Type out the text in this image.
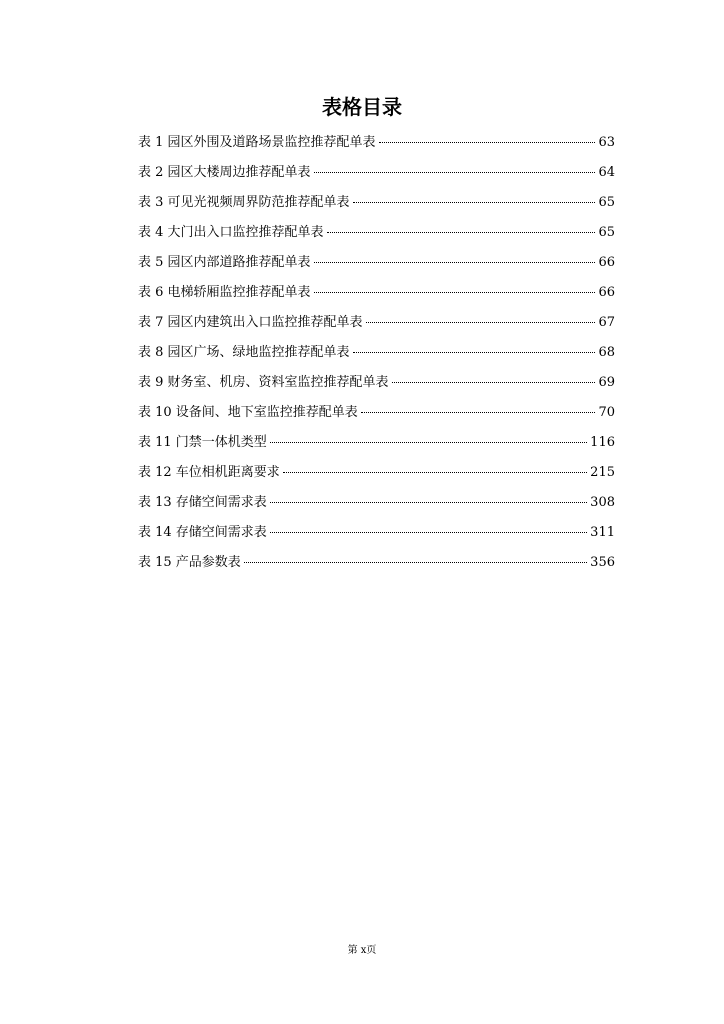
表格目录
表 1 园区外围及道路场景监控推荐配单表	63
表 2 园区大楼周边推荐配单表	64
表 3 可见光视频周界防范推荐配单表	65
表 4 大门出入口监控推荐配单表	65
表 5 园区内部道路推荐配单表	66
表 6 电梯轿厢监控推荐配单表	66
表 7 园区内建筑出入口监控推荐配单表	67
表 8 园区广场、绿地监控推荐配单表	68
表 9 财务室、机房、资料室监控推荐配单表	69
表 10 设备间、地下室监控推荐配单表	70
表 11 门禁一体机类型	116
表 12 车位相机距离要求	215
表 13 存储空间需求表	308
表 14 存储空间需求表	311
表 15 产品参数表	356
第 x页
